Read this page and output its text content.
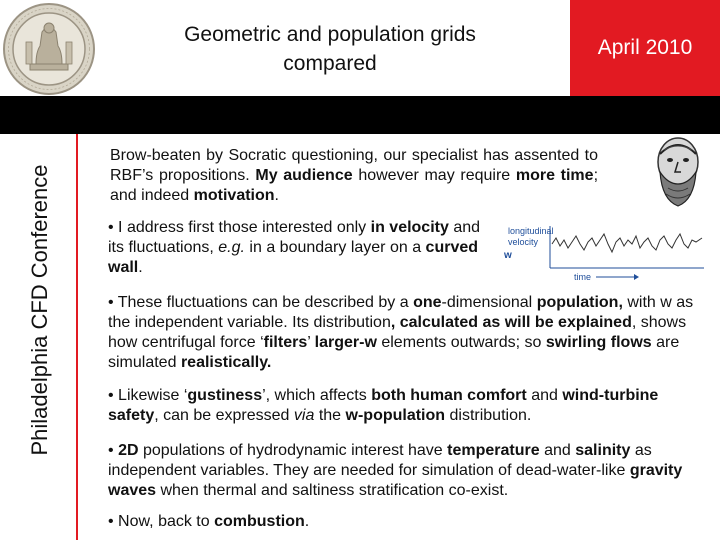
Geometric and population grids
compared
April 2010
Philadelphia CFD Conference
Brow-beaten by Socratic questioning, our specialist has assented to RBF’s propositions. My audience however may require more time; and indeed motivation.
• I address first those interested only in velocity and its fluctuations, e.g. in a boundary layer on a curved wall.
longitudinal
velocity
w
time
• These fluctuations can be described by a one-dimensional population, with w as the independent variable. Its distribution, calculated as will be explained, shows how centrifugal force ‘filters’ larger-w elements outwards; so swirling flows are simulated realistically.
• Likewise ‘gustiness’, which affects both human comfort and wind-turbine safety, can be expressed via the w-population distribution.
• 2D populations of hydrodynamic interest have temperature and salinity as independent variables. They are needed for simulation of dead-water-like gravity waves when thermal and saltiness stratification co-exist.
• Now, back to combustion.
